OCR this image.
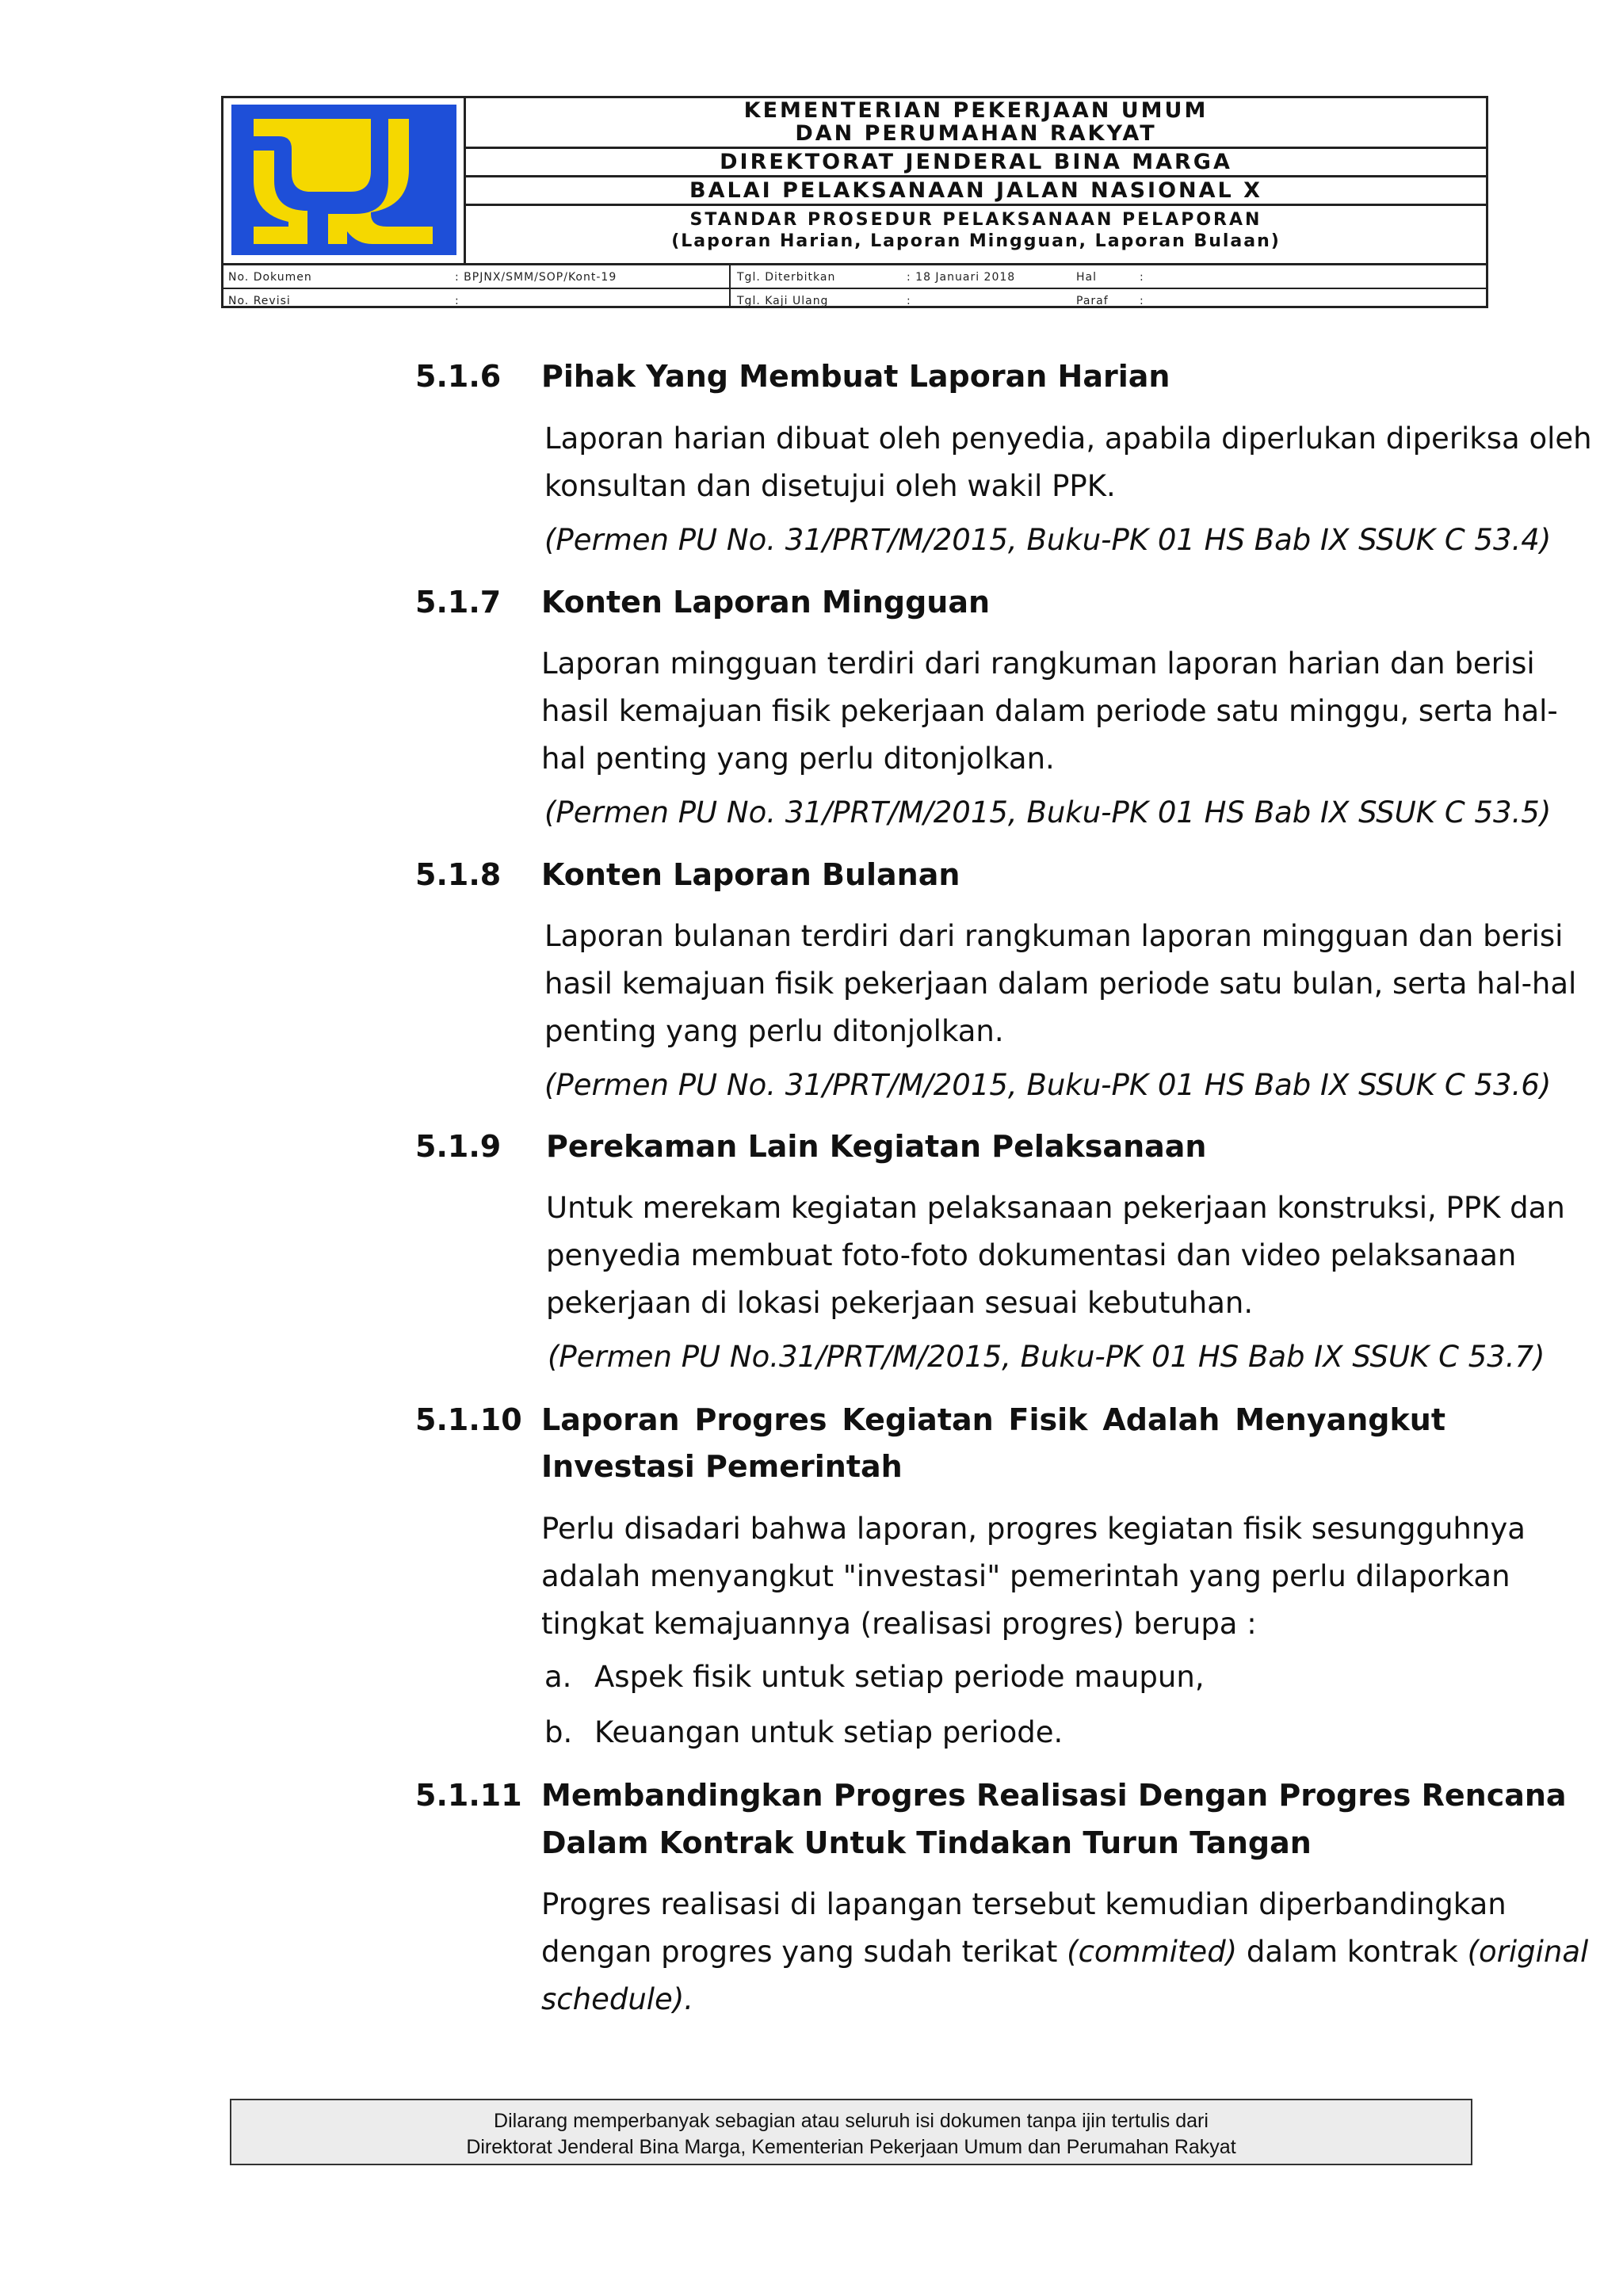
KEMENTERIAN PEKERJAAN UMUM
DAN PERUMAHAN RAKYAT
DIREKTORAT JENDERAL BINA MARGA
BALAI PELAKSANAAN JALAN NASIONAL X
STANDAR PROSEDUR PELAKSANAAN PELAPORAN
(Laporan Harian, Laporan Mingguan, Laporan Bulaan)
No. Dokumen	: BPJNX/SMM/SOP/Kont-19	Tgl. Diterbitkan	: 18 Januari 2018	Hal	:
No. Revisi	:	Tgl. Kaji Ulang	:	Paraf	:
5.1.6 Pihak Yang Membuat Laporan Harian
Laporan harian dibuat oleh penyedia, apabila diperlukan diperiksa oleh
konsultan dan disetujui oleh wakil PPK.
(Permen PU No. 31/PRT/M/2015, Buku-PK 01 HS Bab IX SSUK C 53.4)
5.1.7 Konten Laporan Mingguan
Laporan mingguan terdiri dari rangkuman laporan harian dan berisi
hasil kemajuan fisik pekerjaan dalam periode satu minggu, serta hal-
hal penting yang perlu ditonjolkan.
(Permen PU No. 31/PRT/M/2015, Buku-PK 01 HS Bab IX SSUK C 53.5)
5.1.8 Konten Laporan Bulanan
Laporan bulanan terdiri dari rangkuman laporan mingguan dan berisi
hasil kemajuan fisik pekerjaan dalam periode satu bulan, serta hal-hal
penting yang perlu ditonjolkan.
(Permen PU No. 31/PRT/M/2015, Buku-PK 01 HS Bab IX SSUK C 53.6)
5.1.9 Perekaman Lain Kegiatan Pelaksanaan
Untuk merekam kegiatan pelaksanaan pekerjaan konstruksi, PPK dan
penyedia membuat foto-foto dokumentasi dan video pelaksanaan
pekerjaan di lokasi pekerjaan sesuai kebutuhan.
(Permen PU No.31/PRT/M/2015, Buku-PK 01 HS Bab IX SSUK C 53.7)
5.1.10 Laporan Progres Kegiatan Fisik Adalah Menyangkut
Investasi Pemerintah
Perlu disadari bahwa laporan, progres kegiatan fisik sesungguhnya
adalah menyangkut "investasi" pemerintah yang perlu dilaporkan
tingkat kemajuannya (realisasi progres) berupa :
a. Aspek fisik untuk setiap periode maupun,
b. Keuangan untuk setiap periode.
5.1.11 Membandingkan Progres Realisasi Dengan Progres Rencana
Dalam Kontrak Untuk Tindakan Turun Tangan
Progres realisasi di lapangan tersebut kemudian diperbandingkan
dengan progres yang sudah terikat (commited) dalam kontrak (original
schedule).
Dilarang memperbanyak sebagian atau seluruh isi dokumen tanpa ijin tertulis dari
Direktorat Jenderal Bina Marga, Kementerian Pekerjaan Umum dan Perumahan Rakyat
